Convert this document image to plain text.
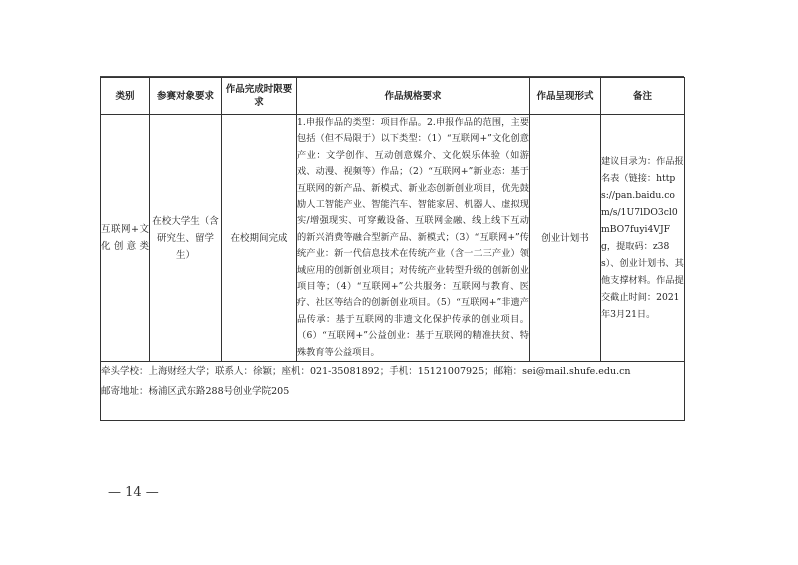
类别	参赛对象要求	作品完成时限要求	作品规格要求	作品呈现形式	备注
互联网+文化创意类	在校大学生（含研究生、留学生）	在校期间完成	1.申报作品的类型：项目作品。2.申报作品的范围，主要包括（但不局限于）以下类型：（1）“互联网+”文化创意产业：文学创作、互动创意媒介、文化娱乐体验（如游戏、动漫、视频等）作品；（2）“互联网+”新业态：基于互联网的新产品、新模式、新业态创新创业项目，优先鼓励人工智能产业、智能汽车、智能家居、机器人、虚拟现实/增强现实、可穿戴设备、互联网金融、线上线下互动的新兴消费等融合型新产品、新模式；（3）“互联网+”传统产业：新一代信息技术在传统产业（含一二三产业）领域应用的创新创业项目；对传统产业转型升级的创新创业项目等；（4）“互联网+”公共服务：互联网与教育、医疗、社区等结合的创新创业项目。（5）“互联网+”非遗产品传承：基于互联网的非遗文化保护传承的创业项目。（6）“互联网+”公益创业：基于互联网的精准扶贫、特殊教育等公益项目。	创业计划书	建议目录为：作品报名表（链接：https://pan.baidu.com/s/1U7lDO3cl0mBO7fuyi4VJFg，提取码：z38s）、创业计划书、其他支撑材料。作品提交截止时间：2021年3月21日。

牵头学校：上海财经大学；联系人：徐颖；座机：021-35081892；手机：15121007925；邮箱：sei@mail.shufe.edu.cn
邮寄地址：杨浦区武东路288号创业学院205					
— 14 —
